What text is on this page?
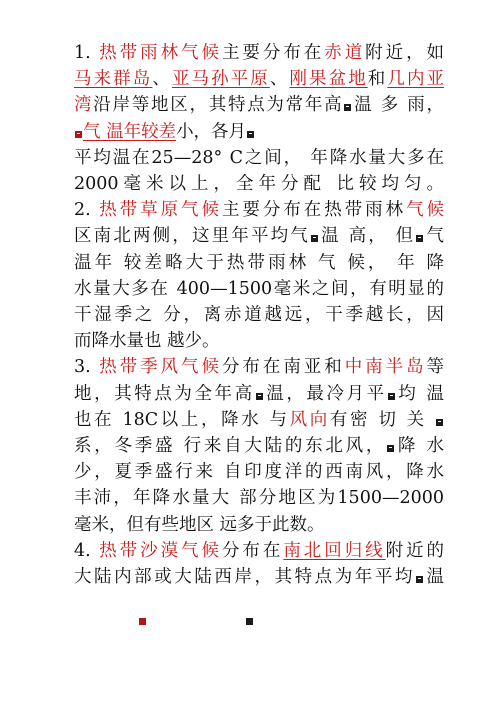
1. 热带雨林气候主要分布在赤道附近，如
马来群岛、亚马孙平原、刚果盆地和几内亚
湾沿岸等地区，其特点为常年高 温 多 雨，
气 温年较差小，各月
平均温在25—28° C之间， 年降水量大多在
2000毫米以上，全年分配 比较均匀。
2. 热带草原气候主要分布在热带雨林气候
区南北两侧，这里年平均气 温 高， 但 气
温年 较差略大于热带雨林 气 候， 年 降
水量大多在 400—1500毫米之间，有明显的
干湿季之 分，离赤道越远，干季越长，因
而降水量也 越少。
3. 热带季风气候分布在南亚和中南半岛等
地，其特点为全年高 温，最冷月平 均 温
也在 18C以上，降水 与风向有密 切 关
系，冬季盛 行来自大陆的东北风， 降 水
少，夏季盛行来 自印度洋的西南风，降水
丰沛，年降水量大 部分地区为1500—2000
毫米，但有些地区 远多于此数。
4. 热带沙漠气候分布在南北回归线附近的
大陆内部或大陆西岸，其特点为年平均 温
